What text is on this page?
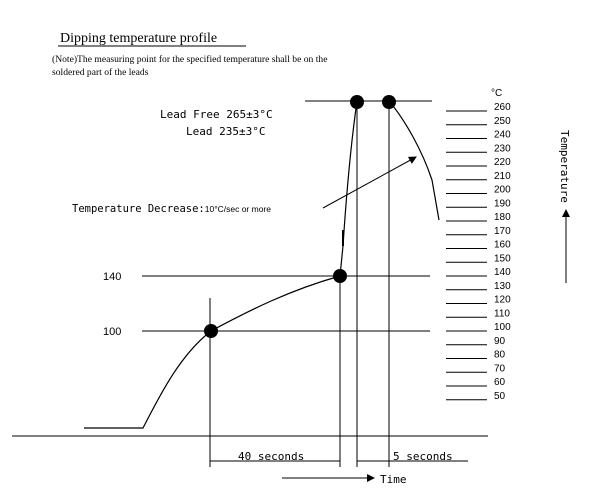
Dipping temperature profile
(Note)The measuring point for the specified temperature shall be on the
soldered part of the leads
Lead Free 265±3°C
Lead 235±3°C
Temperature Decrease:10°C/sec or more
140
100
40 seconds	5 seconds
Time
°C
260
250
240
230
220
210
200
190
180
170
160
150
140
130
120
110
100
90
80
70
60
50
Temperature
